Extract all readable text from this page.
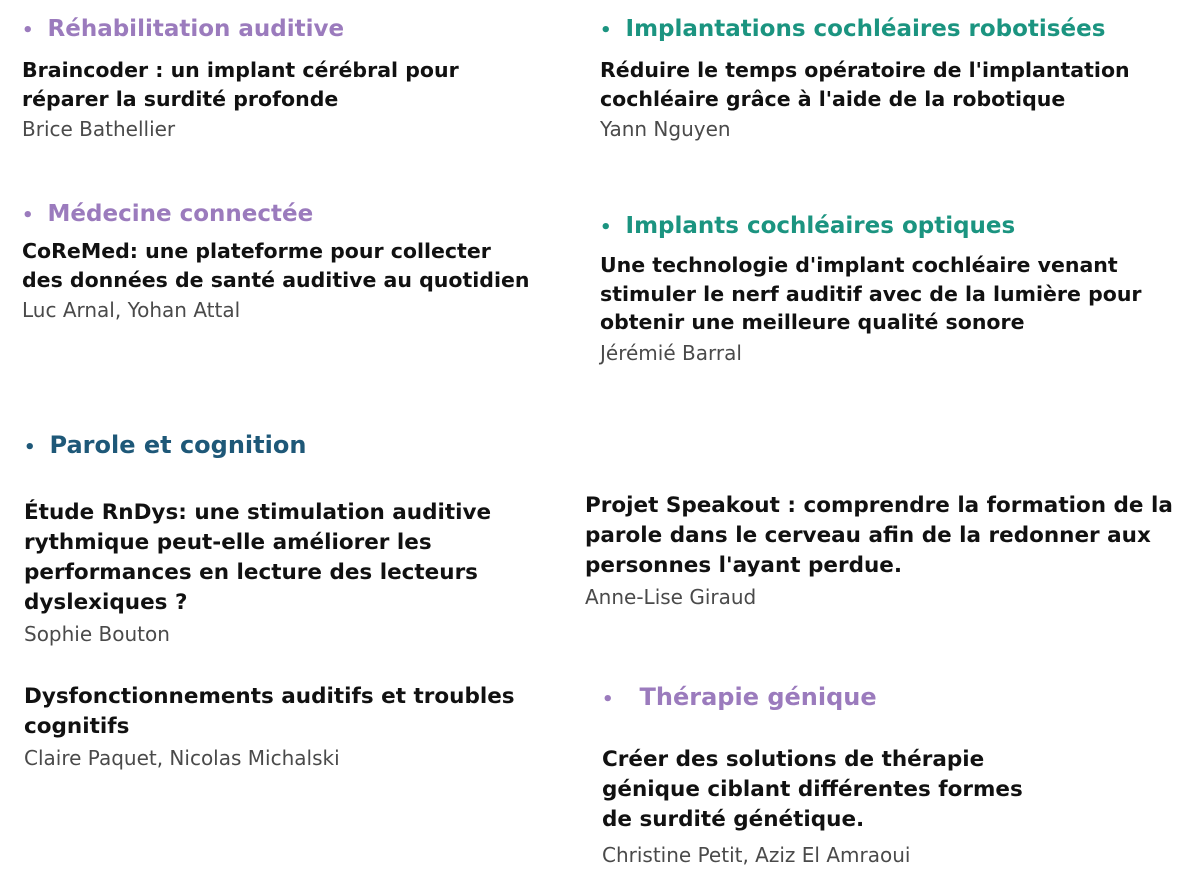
• Réhabilitation auditive
Braincoder : un implant cérébral pour réparer la surdité profonde
Brice Bathellier
• Implantations cochléaires robotisées
Réduire le temps opératoire de l'implantation cochléaire grâce à l'aide de la robotique
Yann Nguyen
• Médecine connectée
CoReMed: une plateforme pour collecter des données de santé auditive au quotidien
Luc Arnal, Yohan Attal
• Implants cochléaires optiques
Une technologie d'implant cochléaire venant stimuler le nerf auditif avec de la lumière pour obtenir une meilleure qualité sonore
Jérémié Barral
• Parole et cognition
Étude RnDys: une stimulation auditive rythmique peut-elle améliorer les performances en lecture des lecteurs dyslexiques ?
Sophie Bouton
Projet Speakout : comprendre la formation de la parole dans le cerveau afin de la redonner aux personnes l'ayant perdue.
Anne-Lise Giraud
Dysfonctionnements auditifs et troubles cognitifs
Claire Paquet, Nicolas Michalski
• Thérapie génique
Créer des solutions de thérapie génique ciblant différentes formes de surdité génétique.
Christine Petit, Aziz El Amraoui
